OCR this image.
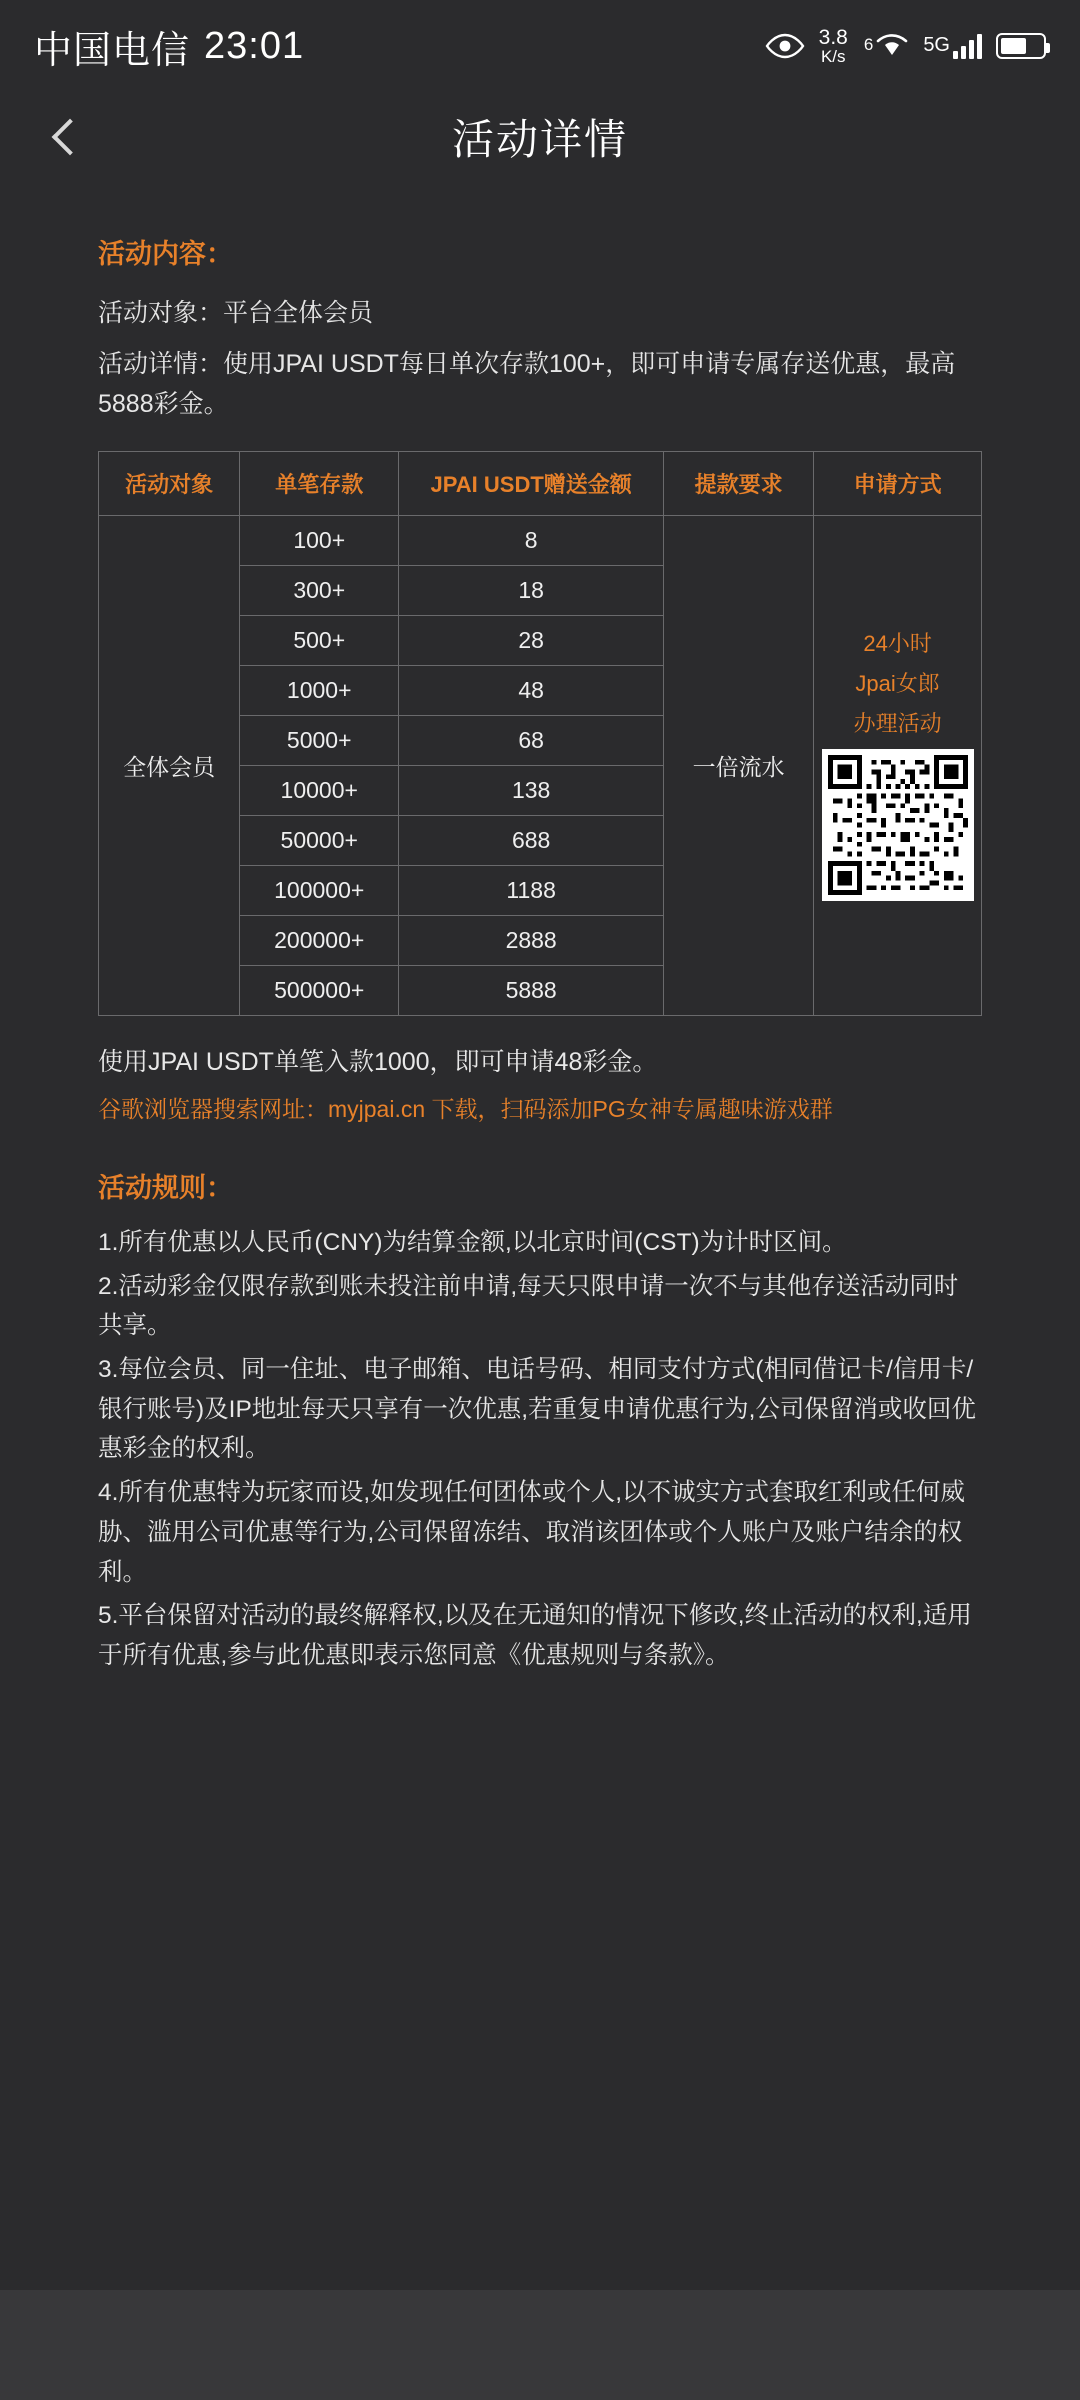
中国电信 23:01	3.8
K/s
6	5G
活动详情
活动内容：
活动对象：平台全体会员
活动详情：使用JPAI USDT每日单次存款100+，即可申请专属存送优惠，最高5888彩金。
活动对象	单笔存款	JPAI USDT赠送金额	提款要求	申请方式
全体会员	100+	8	一倍流水	24小时
Jpai女郎
办理活动

	300+	18		
	500+	28		
	1000+	48		
	5000+	68		
	10000+	138		
	50000+	688		
	100000+	1188		
	200000+	2888		
	500000+	5888		
使用JPAI USDT单笔入款1000，即可申请48彩金。
谷歌浏览器搜索网址：myjpai.cn 下载，扫码添加PG女神专属趣味游戏群
活动规则：
1.所有优惠以人民币(CNY)为结算金额,以北京时间(CST)为计时区间。
2.活动彩金仅限存款到账未投注前申请,每天只限申请一次不与其他存送活动同时共享。
3.每位会员、同一住址、电子邮箱、电话号码、相同支付方式(相同借记卡/信用卡/银行账号)及IP地址每天只享有一次优惠,若重复申请优惠行为,公司保留消或收回优惠彩金的权利。
4.所有优惠特为玩家而设,如发现任何团体或个人,以不诚实方式套取红利或任何威胁、滥用公司优惠等行为,公司保留冻结、取消该团体或个人账户及账户结余的权利。
5.平台保留对活动的最终解释权,以及在无通知的情况下修改,终止活动的权利,适用于所有优惠,参与此优惠即表示您同意《优惠规则与条款》。
